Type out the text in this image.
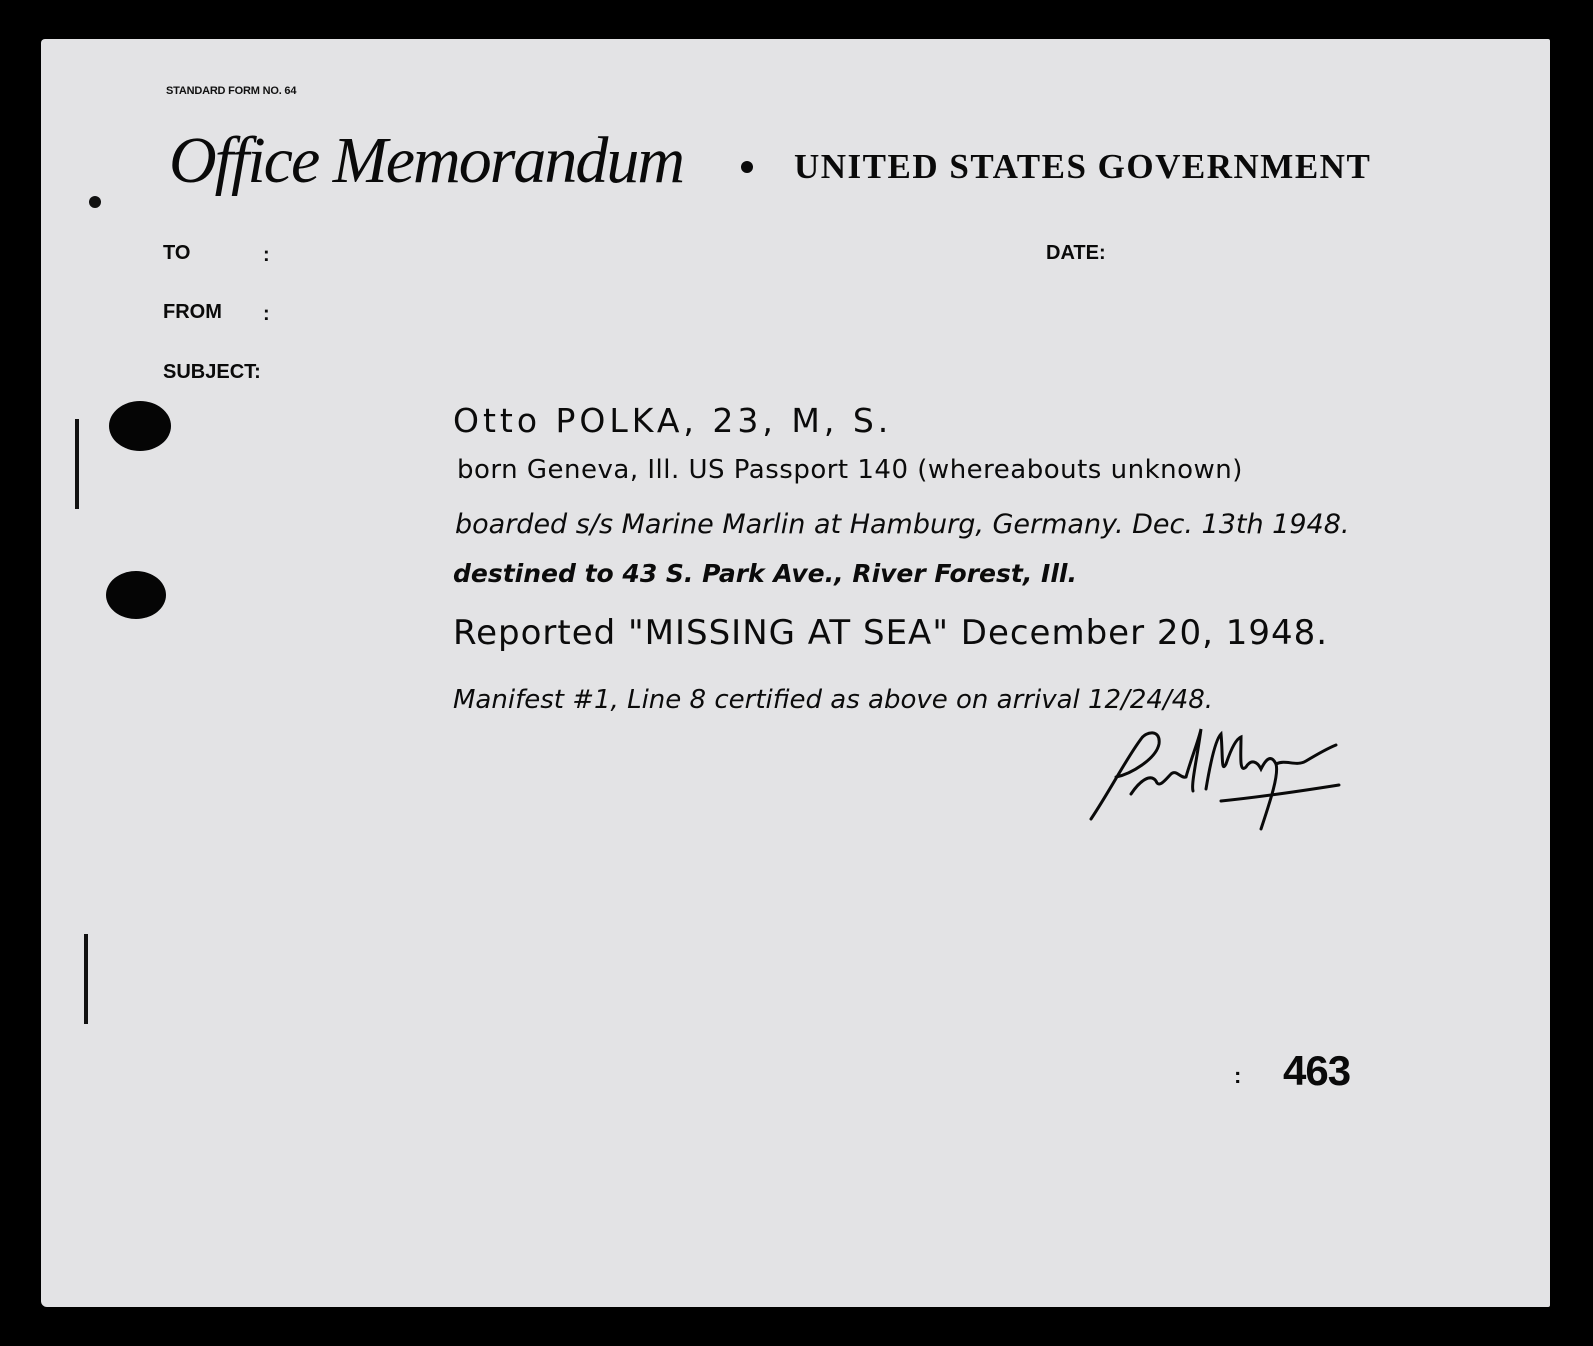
STANDARD FORM NO. 64
Office Memorandum	UNITED STATES GOVERNMENT
TO	:
FROM :
SUBJECT:
DATE:
Otto POLKA, 23, M, S.
born Geneva, Ill. US Passport 140 (whereabouts unknown)
boarded s/s Marine Marlin at Hamburg, Germany. Dec. 13th 1948.
destined to 43 S. Park Ave., River Forest, Ill.
Reported "MISSING AT SEA" December 20, 1948.
Manifest #1, Line 8 certified as above on arrival 12/24/48.
: 463
